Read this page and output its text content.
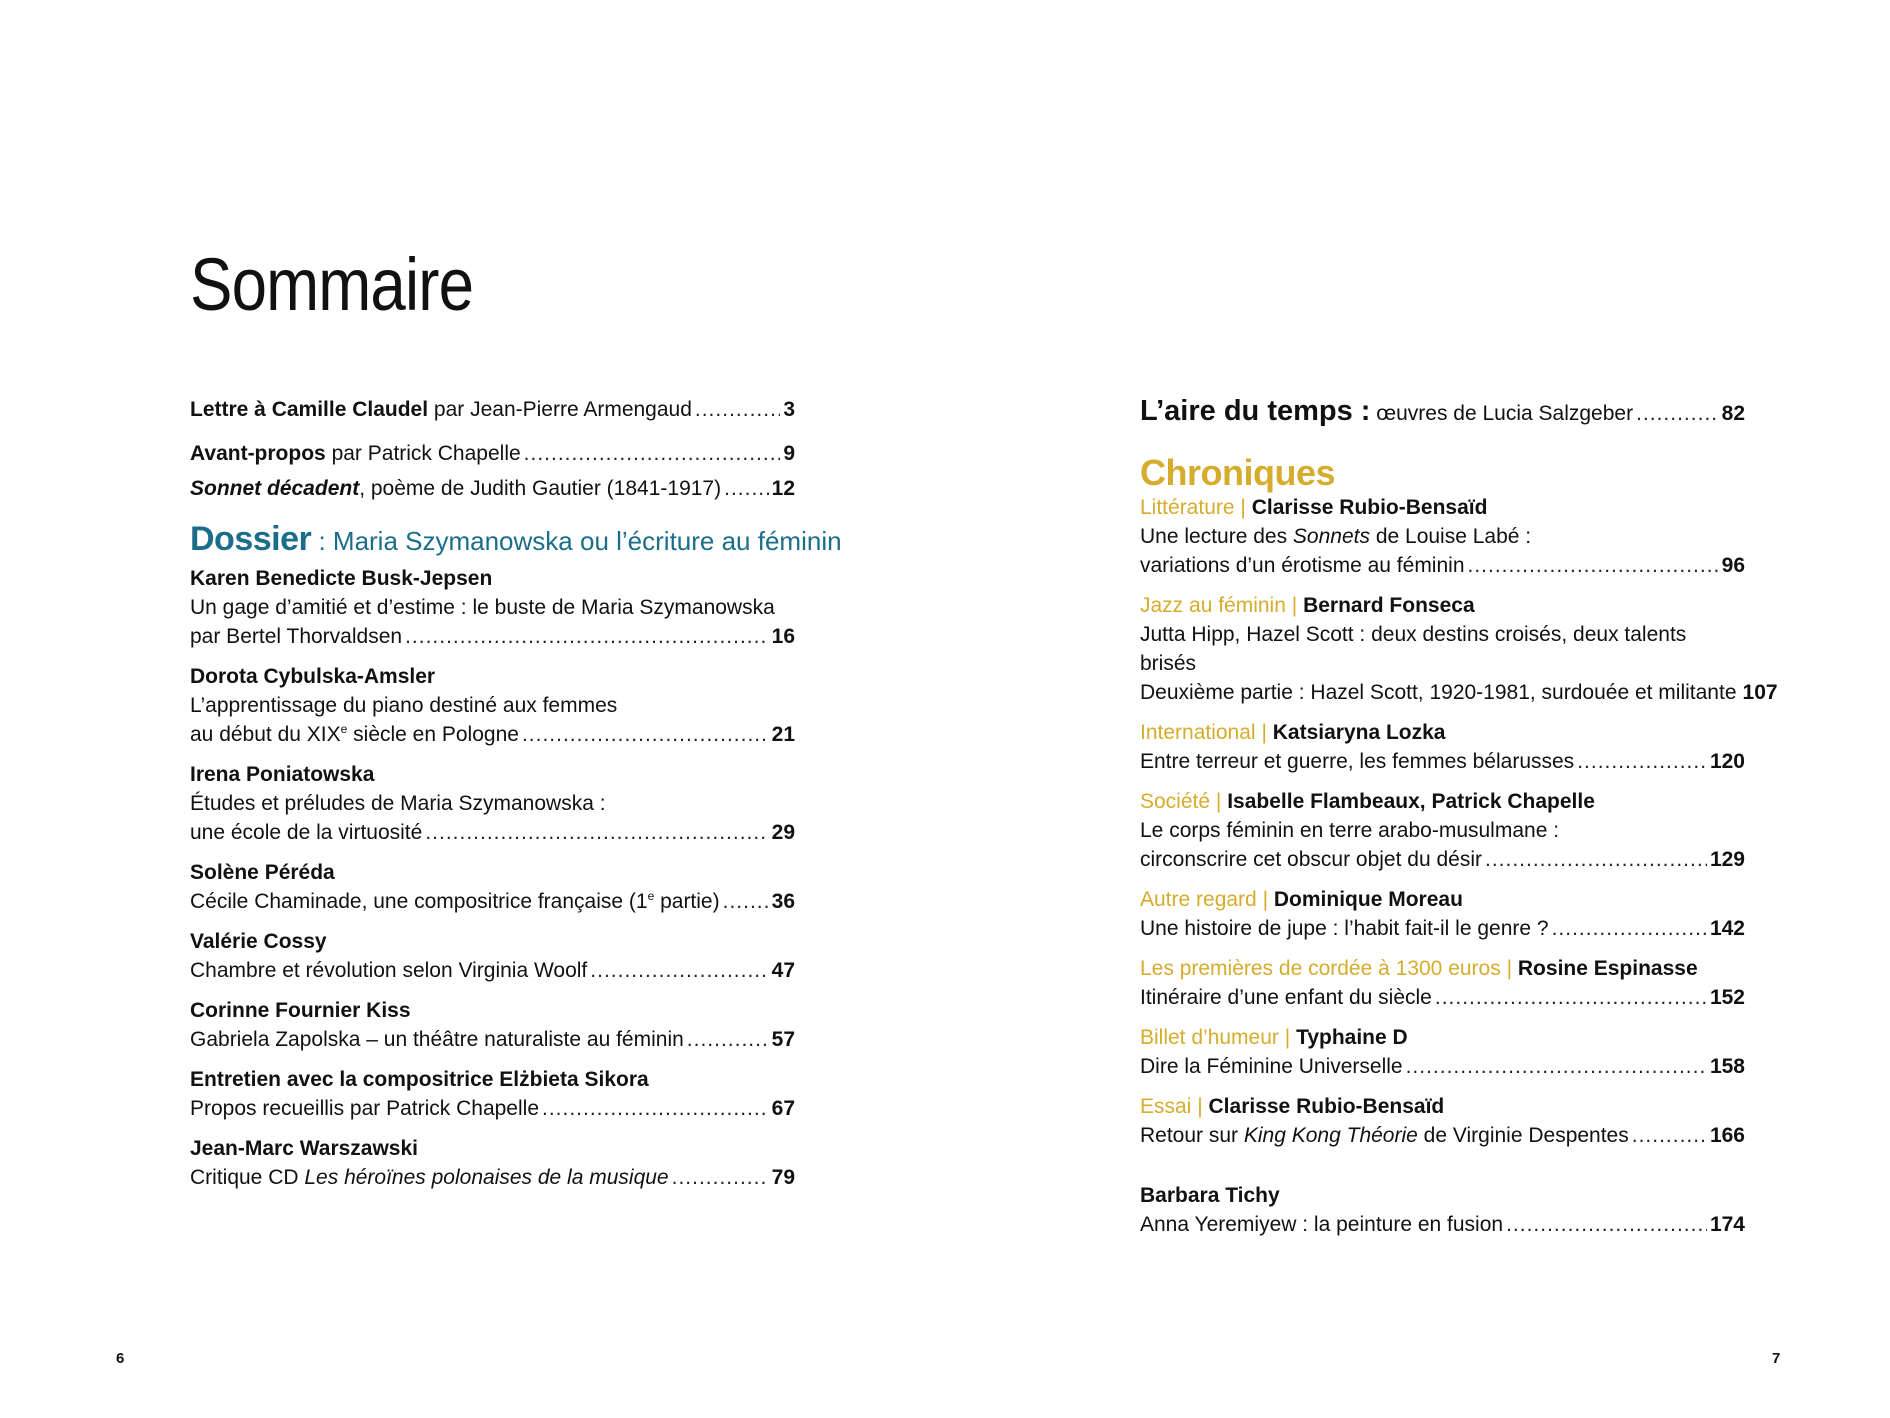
Sommaire
Lettre à Camille Claudel par Jean-Pierre Armengaud .....	3
Avant-propos par Patrick Chapelle .....	9
Sonnet décadent, poème de Judith Gautier (1841-1917) ..... 12
Dossier : Maria Szymanowska ou l’écriture au féminin
Karen Benedicte Busk-Jepsen
Un gage d’amitié et d’estime : le buste de Maria Szymanowska
par Bertel Thorvaldsen .....	16
Dorota Cybulska-Amsler
L’apprentissage du piano destiné aux femmes
au début du XIXe siècle en Pologne .....	21
Irena Poniatowska
Études et préludes de Maria Szymanowska :
une école de la virtuosité .....	29
Solène Péréda
Cécile Chaminade, une compositrice française (1e partie) ..... 36
Valérie Cossy
Chambre et révolution selon Virginia Woolf .....	47
Corinne Fournier Kiss
Gabriela Zapolska – un théâtre naturaliste au féminin .....	57
Entretien avec la compositrice Elżbieta Sikora
Propos recueillis par Patrick Chapelle .....	67
Jean-Marc Warszawski
Critique CD Les héroïnes polonaises de la musique .....	79
6
L’aire du temps : œuvres de Lucia Salzgeber .....	82
Chroniques
Littérature | Clarisse Rubio-Bensaïd
Une lecture des Sonnets de Louise Labé :
variations d’un érotisme au féminin .....	96
Jazz au féminin | Bernard Fonseca
Jutta Hipp, Hazel Scott : deux destins croisés, deux talents brisés
Deuxième partie : Hazel Scott, 1920-1981, surdouée et militante 107
International | Katsiaryna Lozka
Entre terreur et guerre, les femmes bélarusses .....	120
Société | Isabelle Flambeaux, Patrick Chapelle
Le corps féminin en terre arabo-musulmane :
circonscrire cet obscur objet du désir .....	129
Autre regard | Dominique Moreau
Une histoire de jupe : l’habit fait-il le genre ? .....	142
Les premières de cordée à 1300 euros | Rosine Espinasse
Itinéraire d’une enfant du siècle .....	152
Billet d’humeur | Typhaine D
Dire la Féminine Universelle .....	158
Essai | Clarisse Rubio-Bensaïd
Retour sur King Kong Théorie de Virginie Despentes .....	166
Barbara Tichy
Anna Yeremiyew : la peinture en fusion .....	174
7
